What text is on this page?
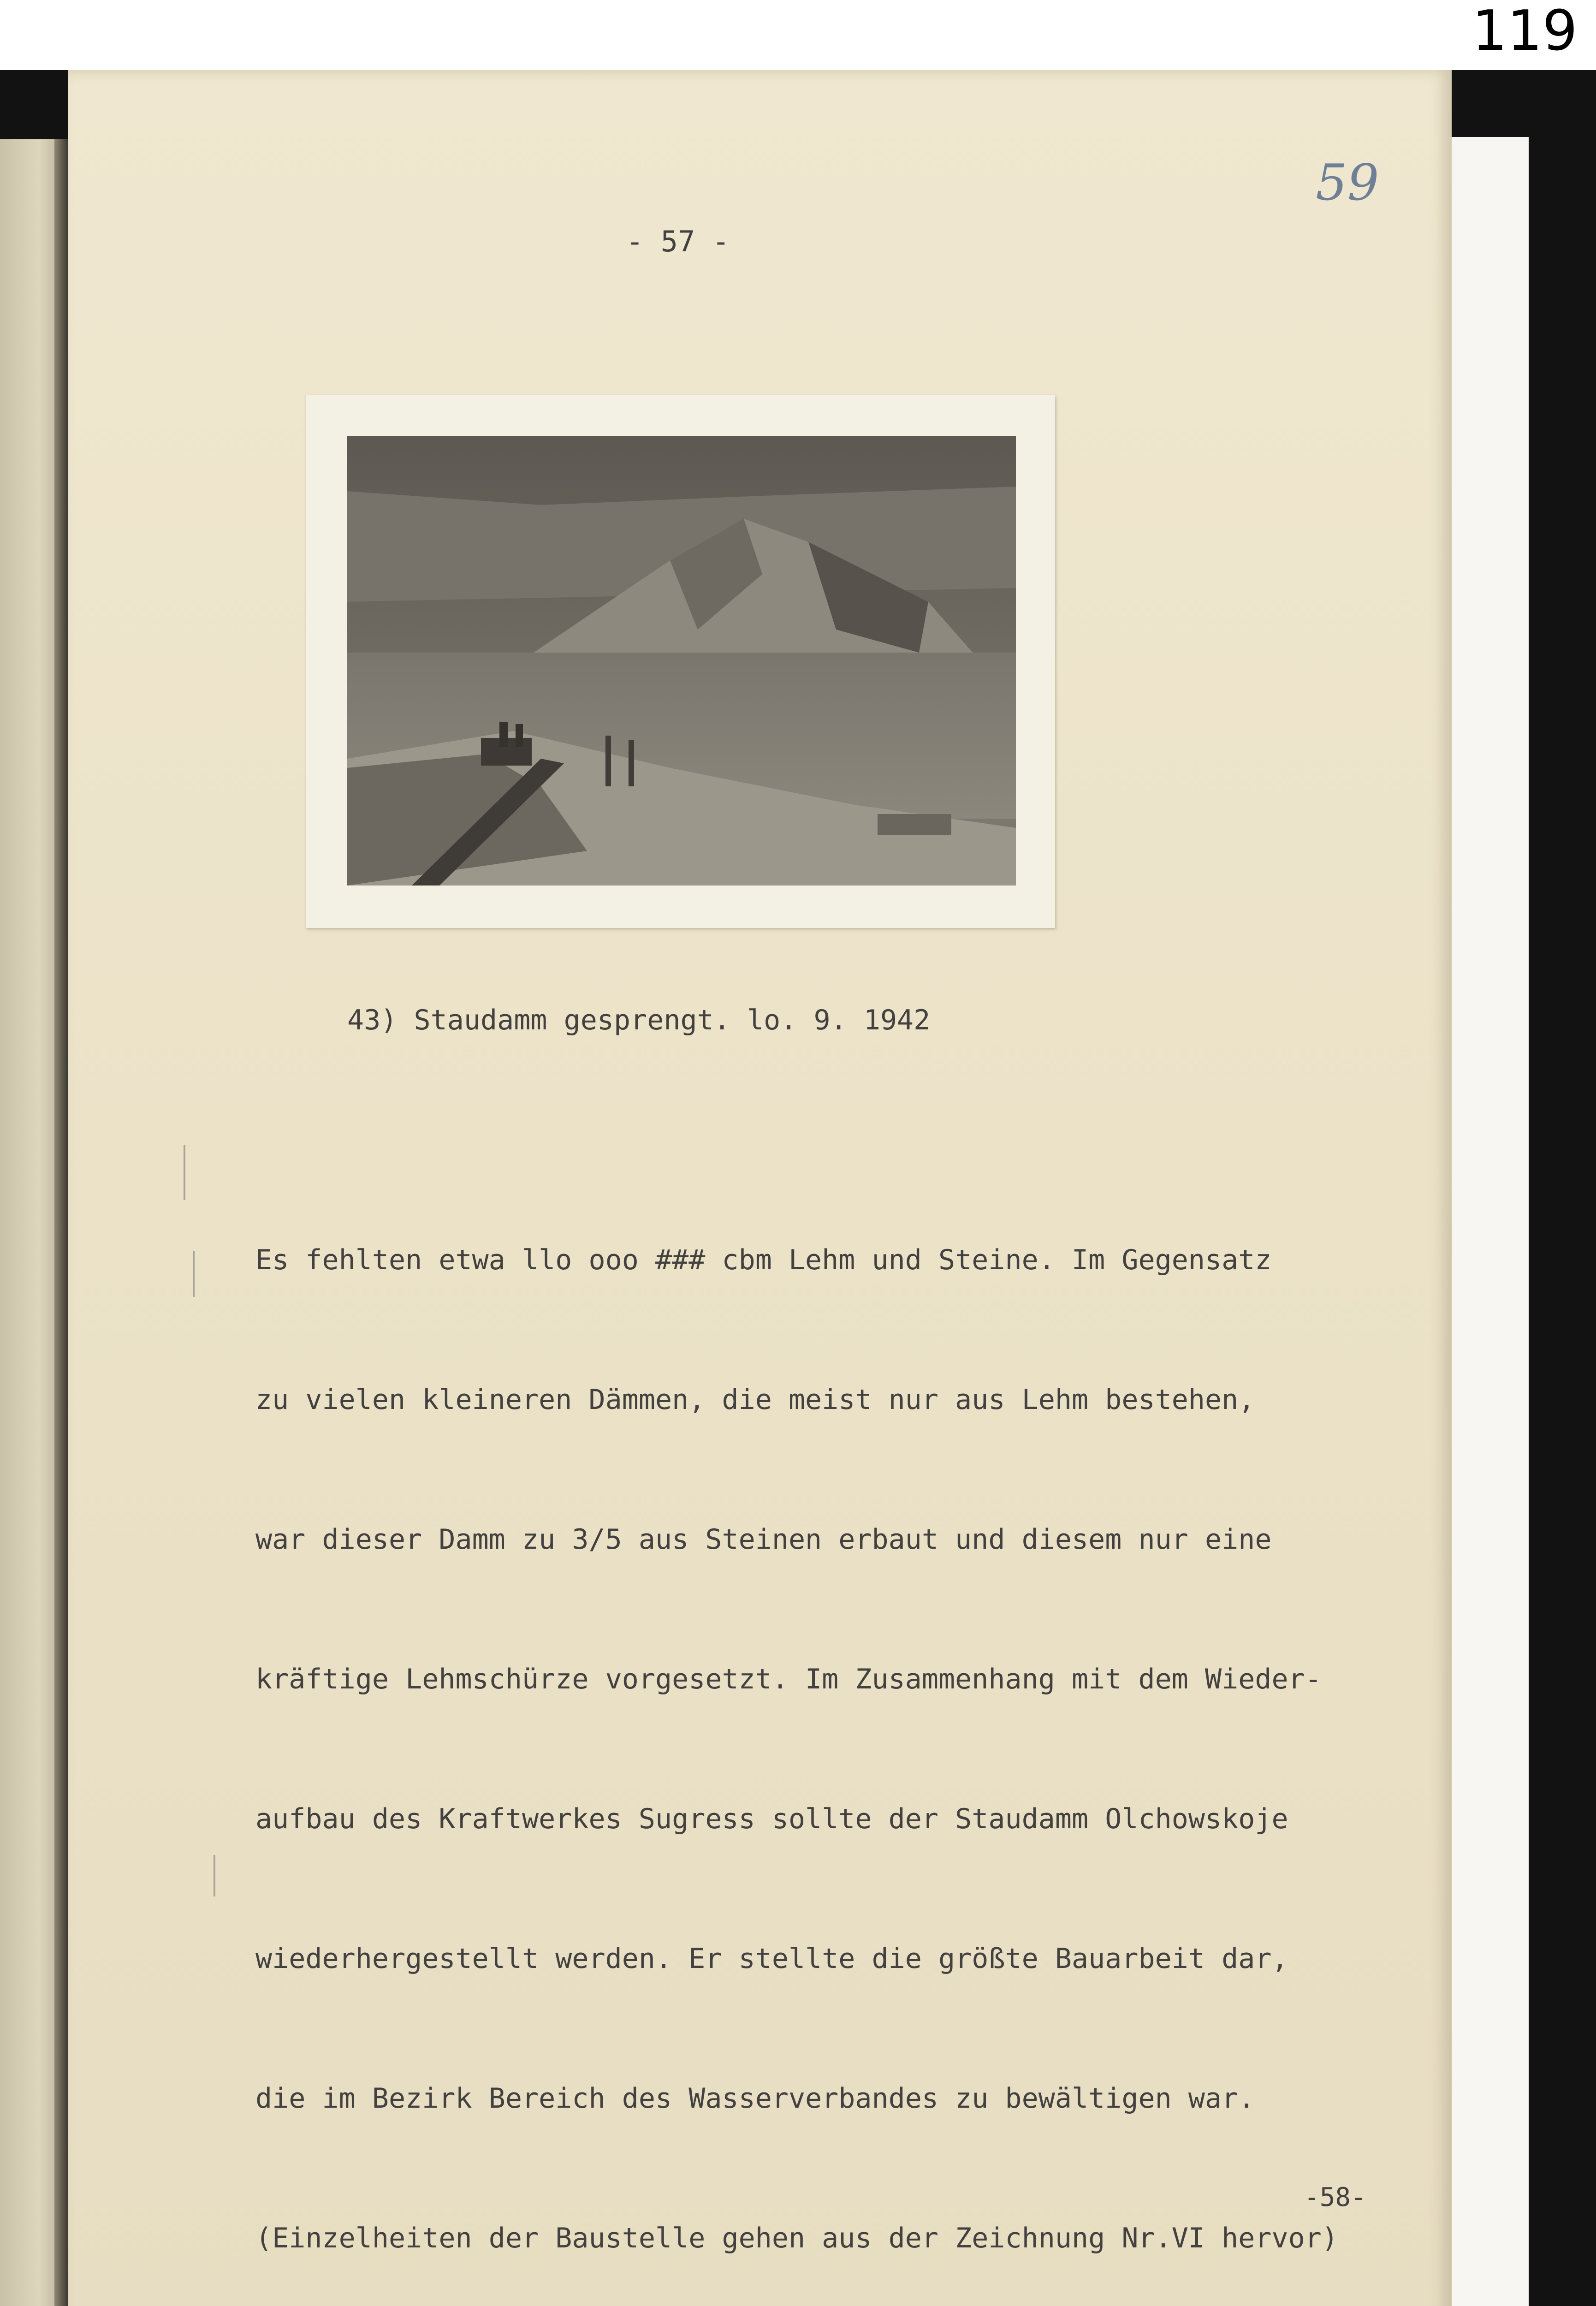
119
- 57 -
59
43) Staudamm gesprengt. lo. 9. 1942

Es fehlten etwa llo ooo ### cbm Lehm und Steine. Im Gegensatz

zu vielen kleineren Dämmen, die meist nur aus Lehm bestehen,

war dieser Damm zu 3/5 aus Steinen erbaut und diesem nur eine

kräftige Lehmschürze vorgesetzt. Im Zusammenhang mit dem Wieder-

aufbau des Kraftwerkes Sugress sollte der Staudamm Olchowskoje

wiederhergestellt werden. Er stellte die größte Bauarbeit dar,

die im Bezirk Bereich des Wasserverbandes zu bewältigen war.

(Einzelheiten der Baustelle gehen aus der Zeichnung Nr.VI hervor)

-58-
